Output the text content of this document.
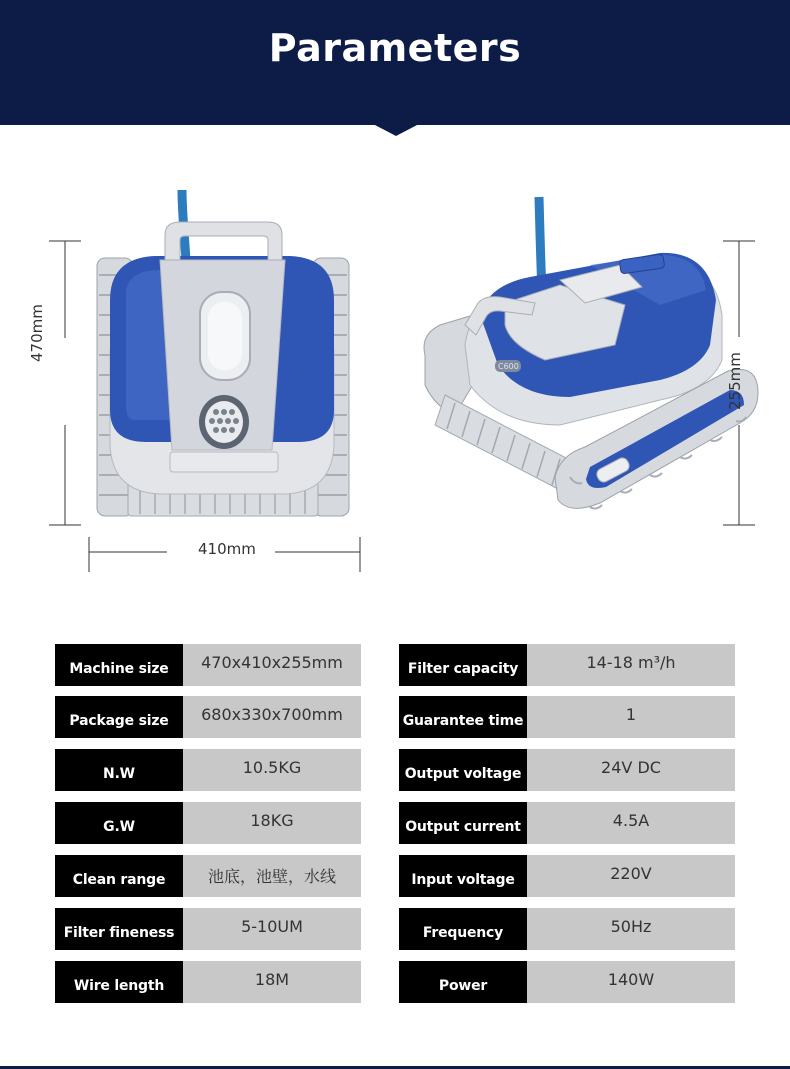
Parameters
470mm
410mm
255mm
C600
Machine size	470x410x255mm
Package size	680x330x700mm
N.W	10.5KG
G.W	18KG
Clean range	池底，池壁，水线
Filter fineness	5-10UM
Wire length	18M
Filter capacity	14-18 m³/h
Guarantee time	1
Output voltage	24V DC
Output current	4.5A
Input voltage	220V
Frequency	50Hz
Power	140W
